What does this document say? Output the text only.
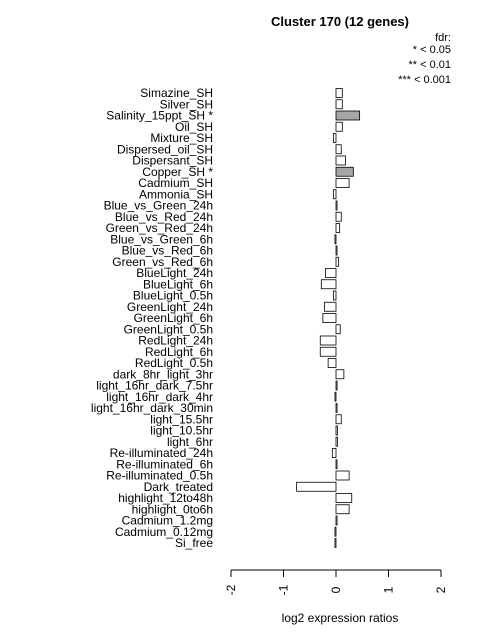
Cluster 170 (12 genes)
fdr:
* < 0.05
** < 0.01
*** < 0.001
Simazine_SH
Silver_SH
Salinity_15ppt_SH *
Oil_SH
Mixture_SH
Dispersed_oil_SH
Dispersant_SH
Copper_SH *
Cadmium_SH
Ammonia_SH
Blue_vs_Green_24h
Blue_vs_Red_24h
Green_vs_Red_24h
Blue_vs_Green_6h
Blue_vs_Red_6h
Green_vs_Red_6h
BlueLight_24h
BlueLight_6h
BlueLight_0.5h
GreenLight_24h
GreenLight_6h
GreenLight_0.5h
RedLight_24h
RedLight_6h
RedLight_0.5h
dark_8hr_light_3hr
light_16hr_dark_7.5hr
light_16hr_dark_4hr
light_16hr_dark_30min
light_15.5hr
light_10.5hr
light_6hr
Re-illuminated_24h
Re-illuminated_6h
Re-illuminated_0.5h
Dark_treated
highlight_12to48h
highlight_0to6h
Cadmium_1.2mg
Cadmium_0.12mg
Si_free
-2	-1	0	1	2
log2 expression ratios
